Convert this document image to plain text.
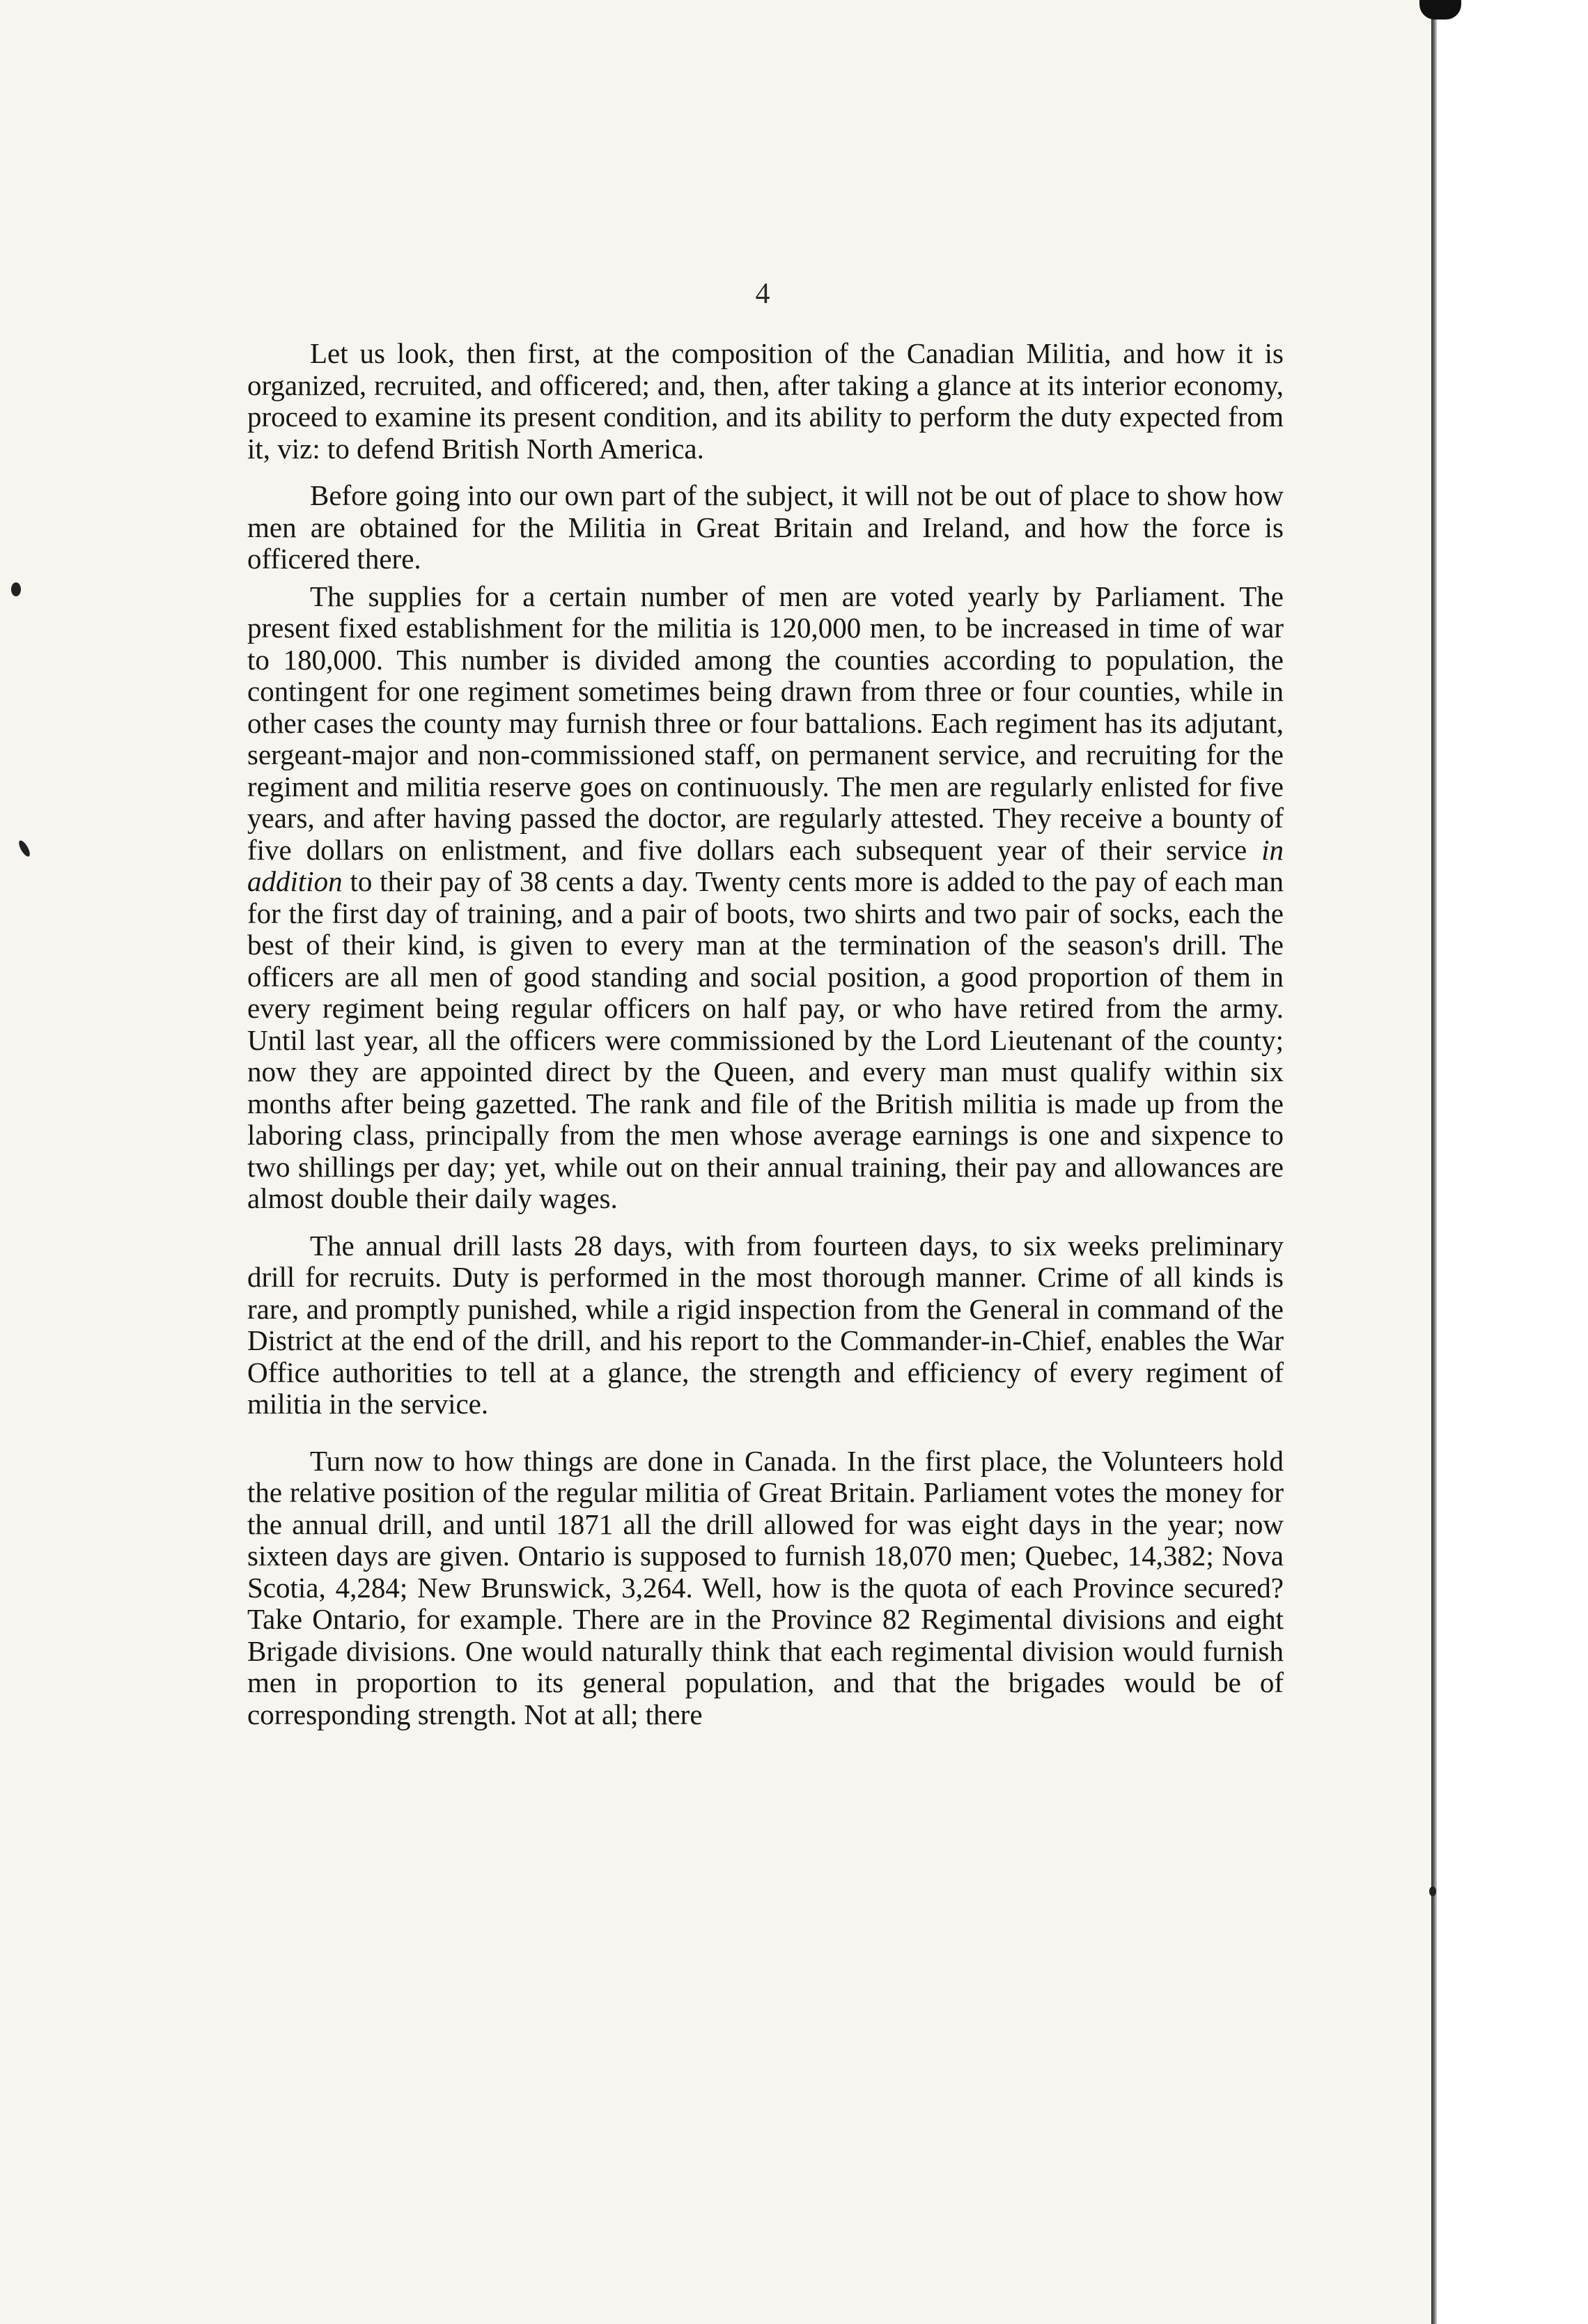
4

Let us look, then first, at the composition of the Canadian Militia, and how it is organized, recruited, and officered; and, then, after taking a glance at its interior economy, proceed to examine its present condition, and its ability to perform the duty expected from it, viz: to defend British North America.

Before going into our own part of the subject, it will not be out of place to show how men are obtained for the Militia in Great Britain and Ireland, and how the force is officered there.

The supplies for a certain number of men are voted yearly by Parliament. The present fixed establishment for the militia is 120,000 men, to be increased in time of war to 180,000. This number is divided among the counties according to population, the contingent for one regiment sometimes being drawn from three or four counties, while in other cases the county may furnish three or four battalions. Each regiment has its adjutant, sergeant-major and non-commissioned staff, on permanent service, and recruiting for the regiment and militia reserve goes on continuously. The men are regularly enlisted for five years, and after having passed the doctor, are regularly attested. They receive a bounty of five dollars on enlistment, and five dollars each subsequent year of their service in addition to their pay of 38 cents a day. Twenty cents more is added to the pay of each man for the first day of training, and a pair of boots, two shirts and two pair of socks, each the best of their kind, is given to every man at the termination of the season's drill. The officers are all men of good standing and social position, a good proportion of them in every regiment being regular officers on half pay, or who have retired from the army. Until last year, all the officers were commissioned by the Lord Lieutenant of the county; now they are appointed direct by the Queen, and every man must qualify within six months after being gazetted. The rank and file of the British militia is made up from the laboring class, principally from the men whose average earnings is one and sixpence to two shillings per day; yet, while out on their annual training, their pay and allowances are almost double their daily wages.

The annual drill lasts 28 days, with from fourteen days, to six weeks preliminary drill for recruits. Duty is performed in the most thorough manner. Crime of all kinds is rare, and promptly punished, while a rigid inspection from the General in command of the District at the end of the drill, and his report to the Commander-in-Chief, enables the War Office authorities to tell at a glance, the strength and efficiency of every regiment of militia in the service.

Turn now to how things are done in Canada. In the first place, the Volunteers hold the relative position of the regular militia of Great Britain. Parliament votes the money for the annual drill, and until 1871 all the drill allowed for was eight days in the year; now sixteen days are given. Ontario is supposed to furnish 18,070 men; Quebec, 14,382; Nova Scotia, 4,284; New Brunswick, 3,264. Well, how is the quota of each Province secured? Take Ontario, for example. There are in the Province 82 Regimental divisions and eight Brigade divisions. One would naturally think that each regimental division would furnish men in proportion to its general population, and that the brigades would be of corresponding strength. Not at all; there
